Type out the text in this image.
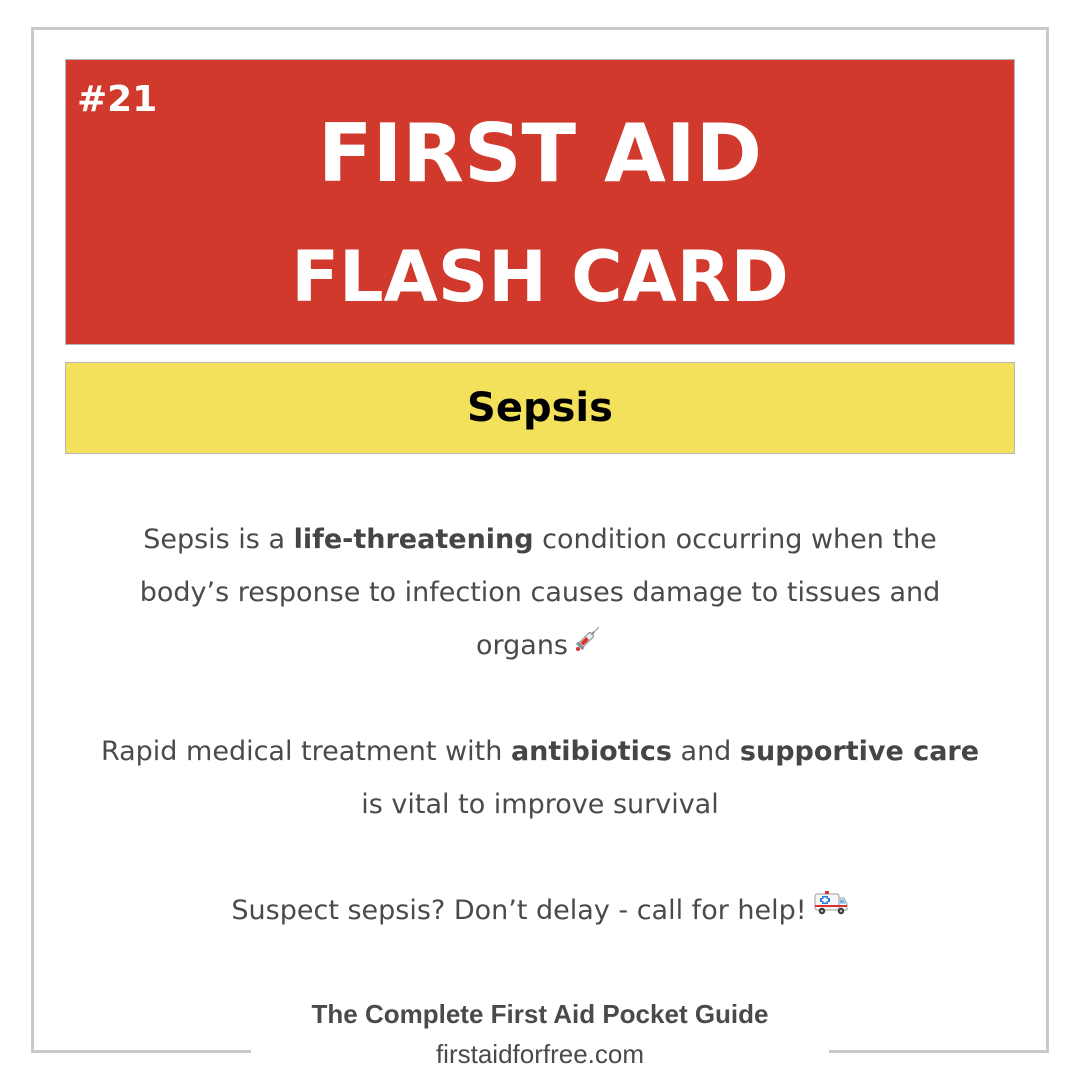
#21
FIRST AID
FLASH CARD
Sepsis
Sepsis is a life-threatening condition occurring when the body’s response to infection causes damage to tissues and organs
Rapid medical treatment with antibiotics and supportive care is vital to improve survival
Suspect sepsis? Don’t delay - call for help!
The Complete First Aid Pocket Guide
firstaidforfree.com
